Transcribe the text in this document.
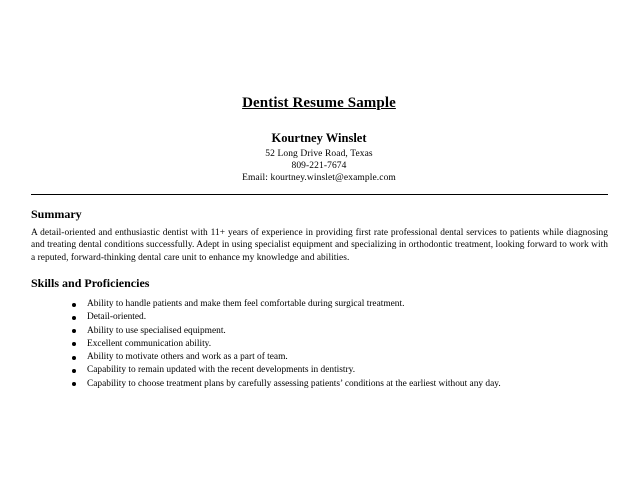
Dentist Resume Sample
Kourtney Winslet
52 Long Drive Road, Texas
809-221-7674
Email: kourtney.winslet@example.com
Summary
A detail-oriented and enthusiastic dentist with 11+ years of experience in providing first rate professional dental services to patients while diagnosing and treating dental conditions successfully. Adept in using specialist equipment and specializing in orthodontic treatment, looking forward to work with a reputed, forward-thinking dental care unit to enhance my knowledge and abilities.
Skills and Proficiencies
Ability to handle patients and make them feel comfortable during surgical treatment.
Detail-oriented.
Ability to use specialised equipment.
Excellent communication ability.
Ability to motivate others and work as a part of team.
Capability to remain updated with the recent developments in dentistry.
Capability to choose treatment plans by carefully assessing patients’ conditions at the earliest without any day.
